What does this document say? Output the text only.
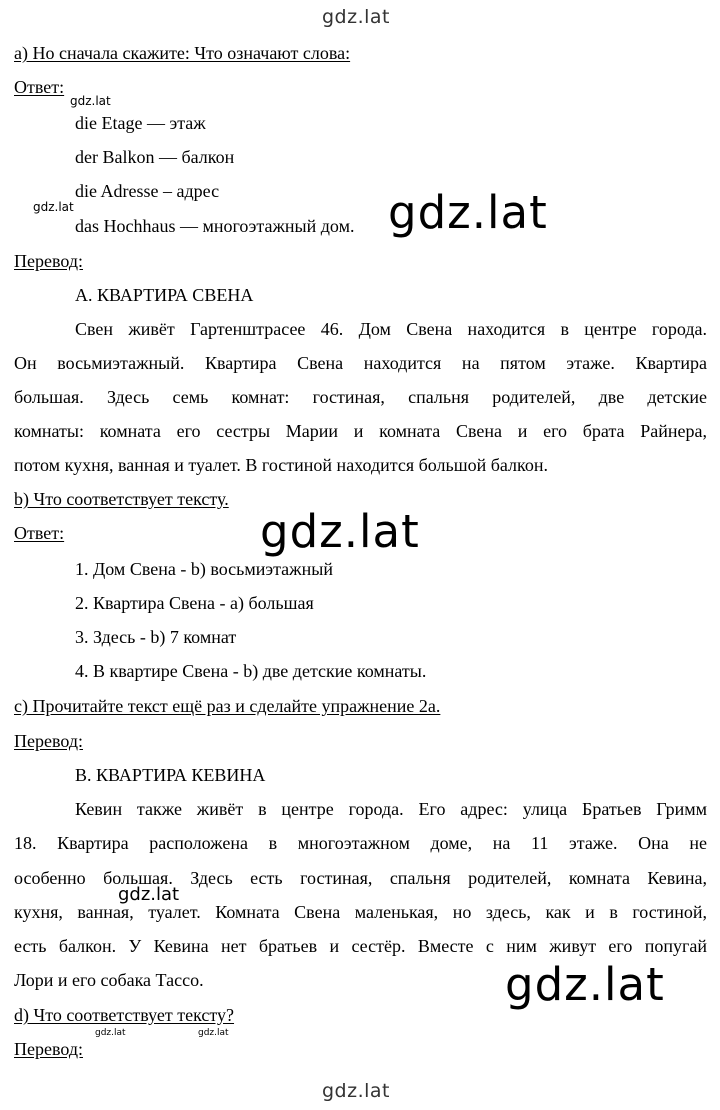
gdz.lat

a) Но сначала скажите: Что означают слова:

Ответ:

gdz.lat

die Etage — этаж

der Balkon — балкон

die Adresse – адрес

gdz.lat

das Hochhaus — многоэтажный дом. gdz.lat

Перевод:

А. КВАРТИРА СВЕНА

Свен живёт Гартенштрасее 46. Дом Свена находится в центре города.

Он восьмиэтажный. Квартира Свена находится на пятом этаже. Квартира

большая. Здесь семь комнат: гостиная, спальня родителей, две детские

комнаты: комната его сестры Марии и комната Свена и его брата Райнера,

потом кухня, ванная и туалет. В гостиной находится большой балкон.

b) Что соответствует тексту.

gdz.lat

Ответ:

1. Дом Свена - b) восьмиэтажный

2. Квартира Свена - a) большая

3. Здесь - b) 7 комнат

4. В квартире Свена - b) две детские комнаты.

c) Прочитайте текст ещё раз и сделайте упражнение 2a.

Перевод:

B. КВАРТИРА КЕВИНА

Кевин также живёт в центре города. Его адрес: улица Братьев Гримм

18. Квартира расположена в многоэтажном доме, на 11 этаже. Она не

особенно большая. Здесь есть гостиная, спальня родителей, комната Кевина,

gdz.lat

кухня, ванная, туалет. Комната Свена маленькая, но здесь, как и в гостиной,

есть балкон. У Кевина нет братьев и сестёр. Вместе с ним живут его попугай

Лори и его собака Тассо.	gdz.lat

d) Что соответствует тексту?

gdz.lat	gdz.lat

Перевод:

gdz.lat
